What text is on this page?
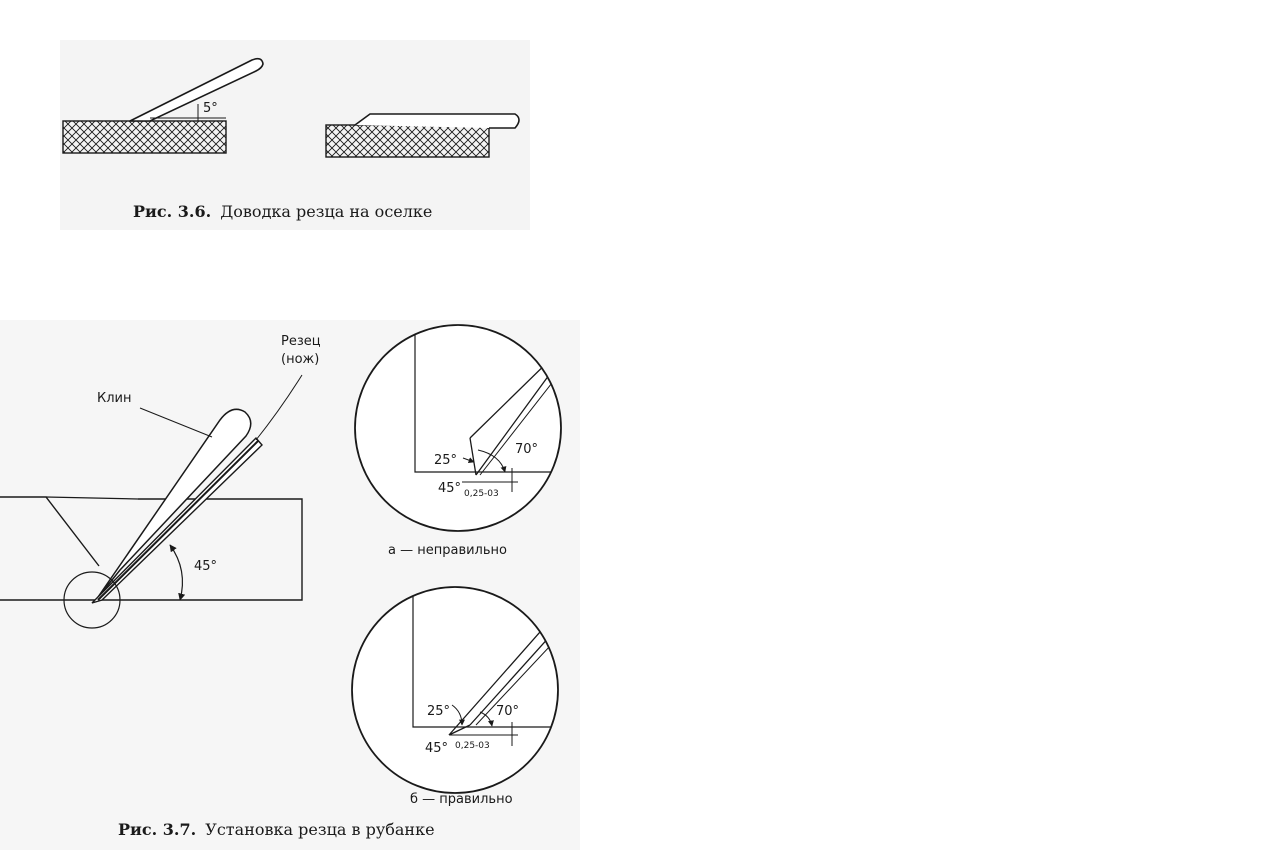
5°
Рис. 3.6. Доводка резца на оселке
45°
Резец
(нож)
Клин
25°
70°
45° 0,25-03
а — неправильно
25°	70°
45° 0,25-03
б — правильно
Рис. 3.7. Установка резца в рубанке
